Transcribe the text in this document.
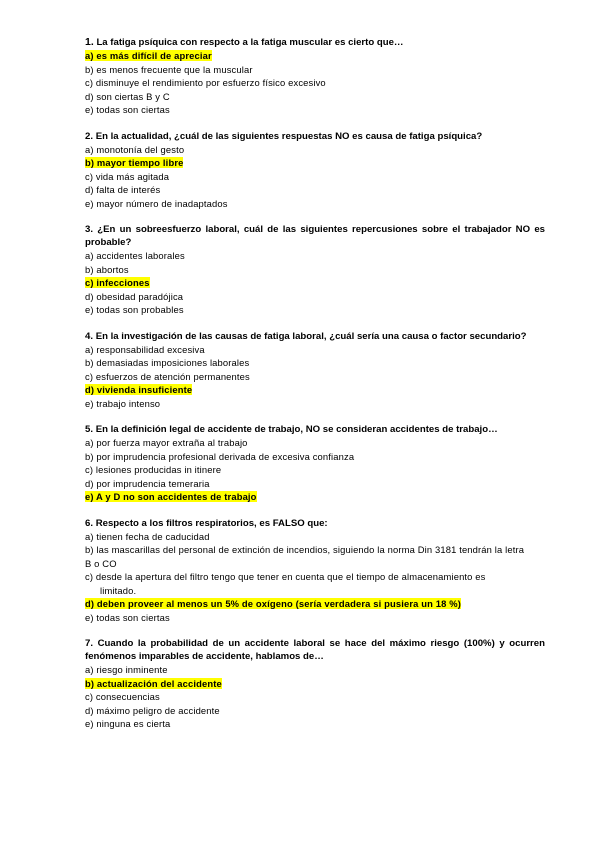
1. La fatiga psíquica con respecto a la fatiga muscular es cierto que…

a) es más difícil de apreciar

b) es menos frecuente que la muscular

c) disminuye el rendimiento por esfuerzo físico excesivo

d) son ciertas B y C

e) todas son ciertas

2. En la actualidad, ¿cuál de las siguientes respuestas NO es causa de fatiga psíquica?

a) monotonía del gesto

b) mayor tiempo libre

c) vida más agitada

d) falta de interés

e) mayor número de inadaptados

3. ¿En un sobreesfuerzo laboral, cuál de las siguientes repercusiones sobre el trabajador NO es probable?

a) accidentes laborales

b) abortos

c) infecciones

d) obesidad paradójica

e) todas son probables

4. En la investigación de las causas de fatiga laboral, ¿cuál sería una causa o factor secundario?

a) responsabilidad excesiva

b) demasiadas imposiciones laborales

c) esfuerzos de atención permanentes

d) vivienda insuficiente

e) trabajo intenso

5. En la definición legal de accidente de trabajo, NO se consideran accidentes de trabajo…

a) por fuerza mayor extraña al trabajo

b) por imprudencia profesional derivada de excesiva confianza

c) lesiones producidas in itinere

d) por imprudencia temeraria

e) A y D no son accidentes de trabajo

6. Respecto a los filtros respiratorios, es FALSO que:

a) tienen fecha de caducidad

b) las mascarillas del personal de extinción de incendios, siguiendo la norma Din 3181 tendrán la letra

B o CO

c) desde la apertura del filtro tengo que tener en cuenta que el tiempo de almacenamiento es

limitado.

d) deben proveer al menos un 5% de oxígeno (sería verdadera si pusiera un 18 %)

e) todas son ciertas

7. Cuando la probabilidad de un accidente laboral se hace del máximo riesgo (100%) y ocurren fenómenos imparables de accidente, hablamos de…

a) riesgo inminente

b) actualización del accidente

c) consecuencias

d) máximo peligro de accidente

e) ninguna es cierta
